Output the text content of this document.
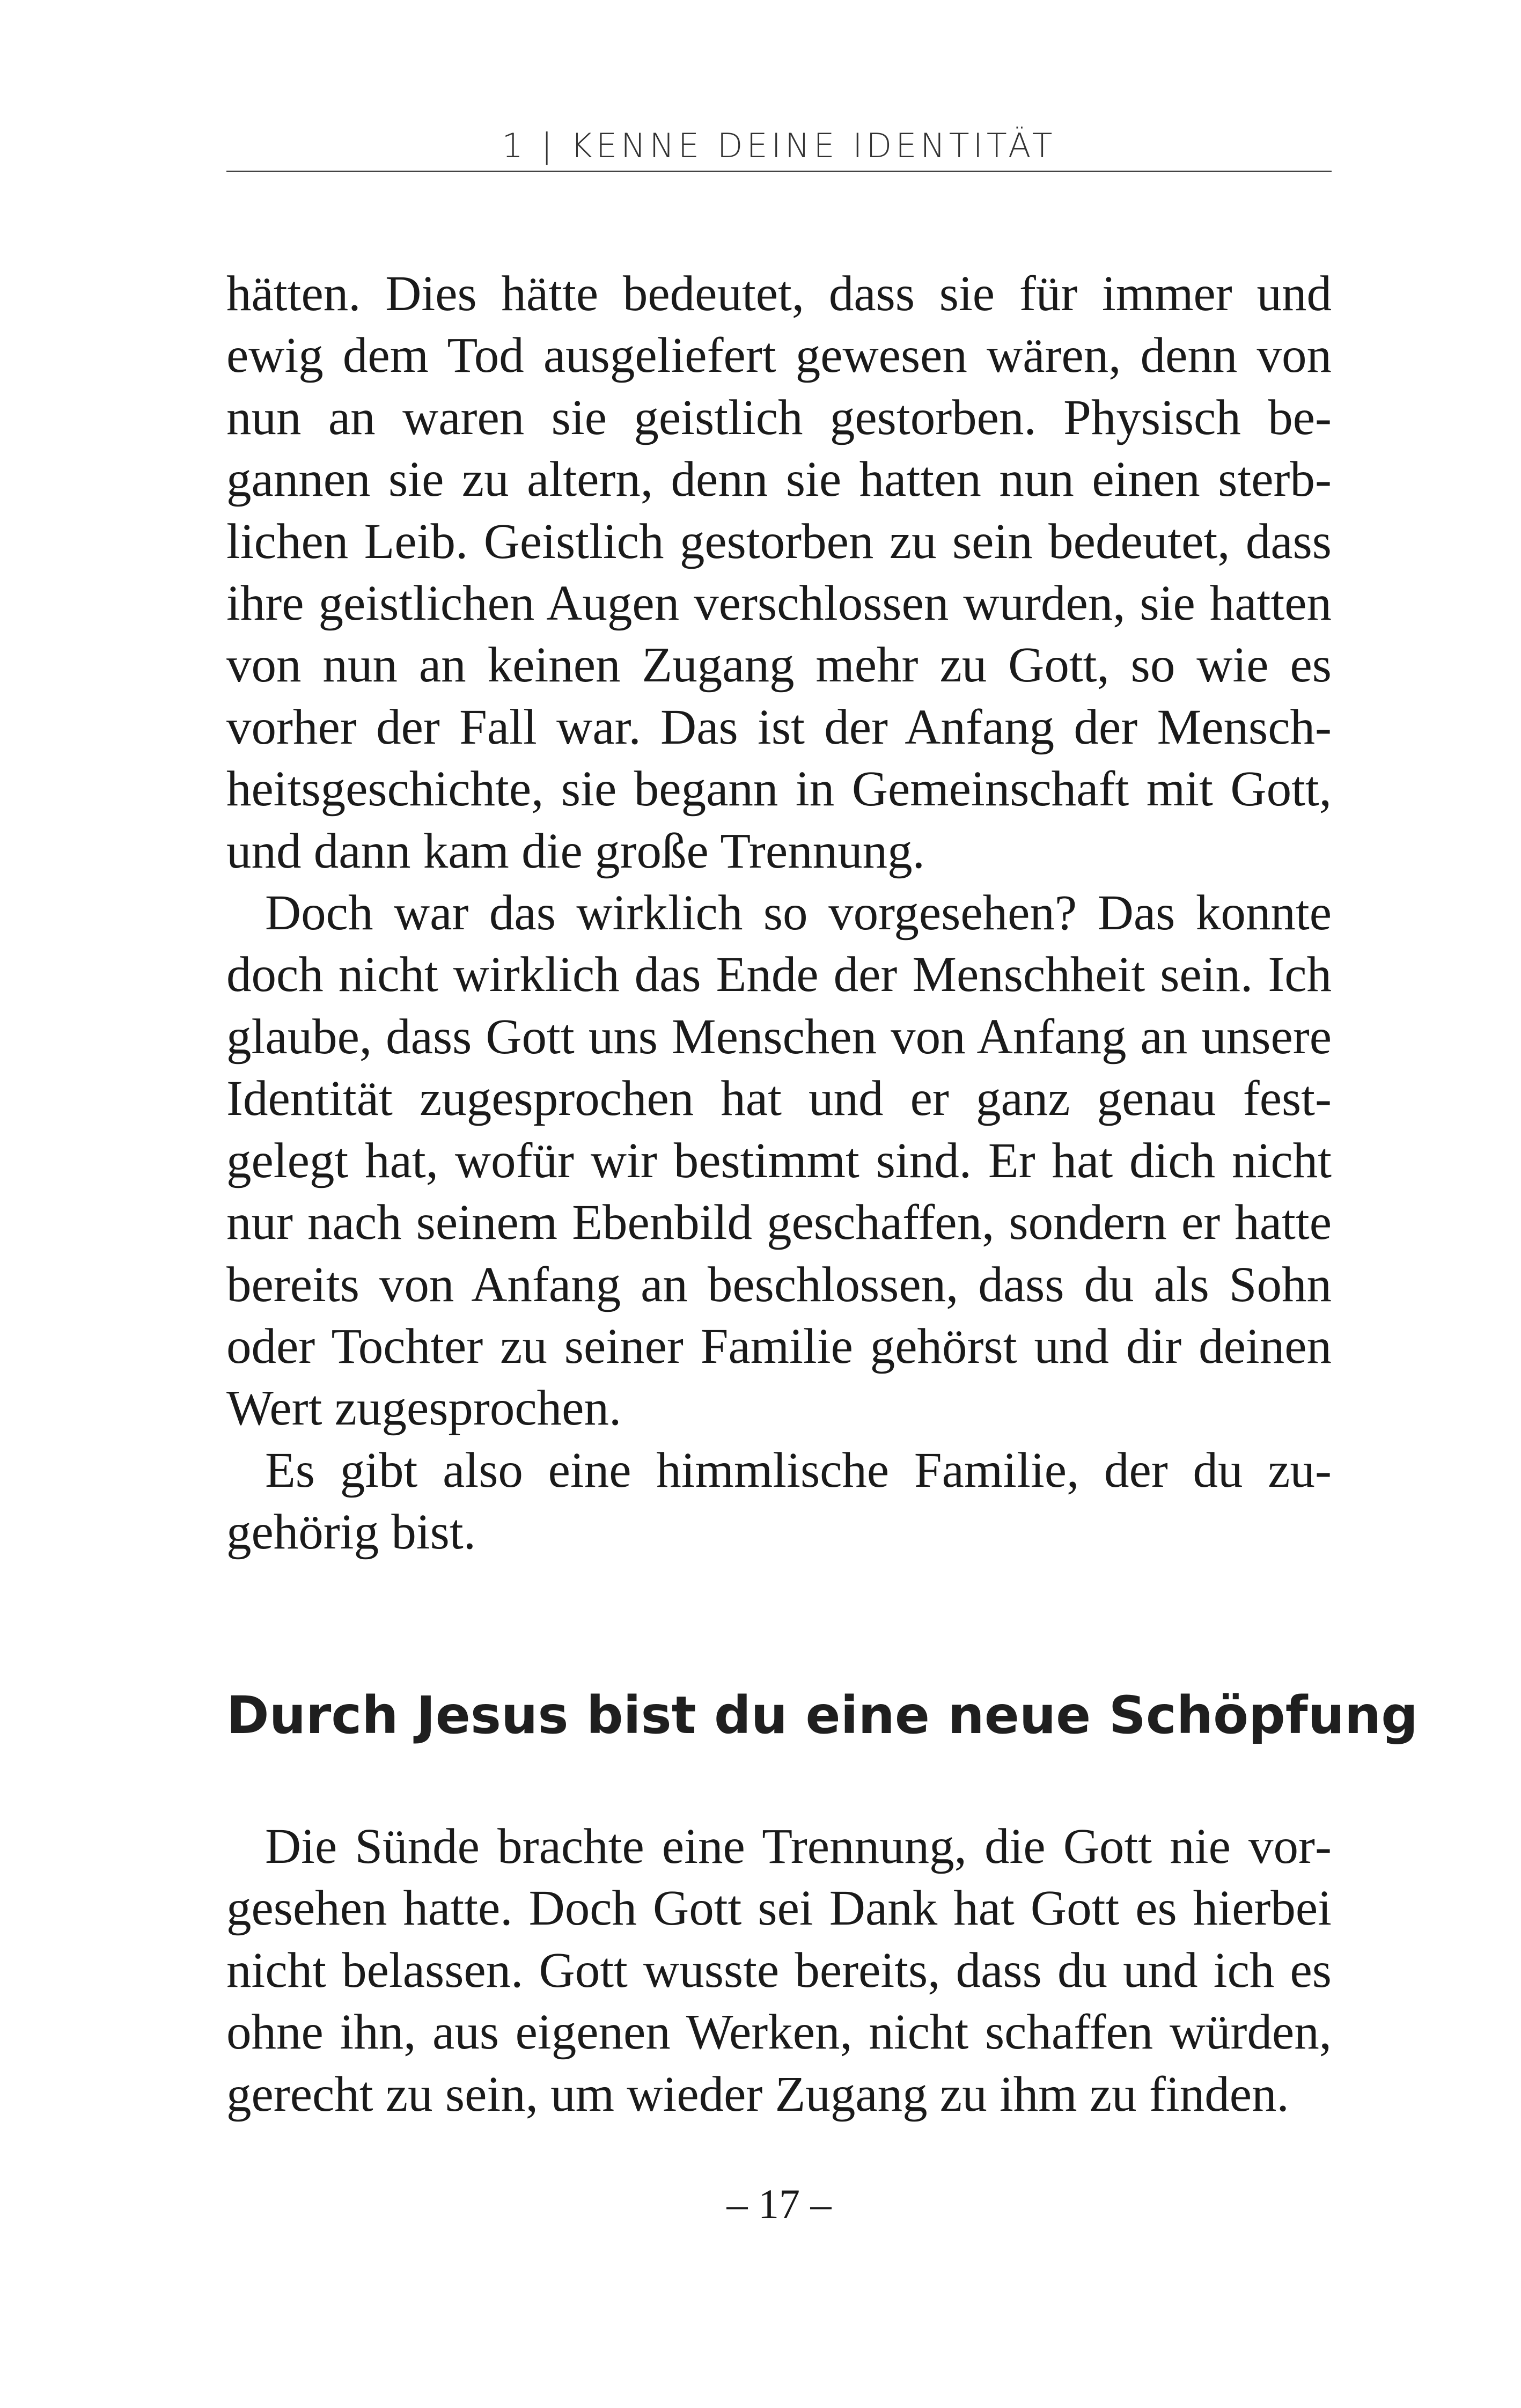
1 | KENNE DEINE IDENTITÄT

hätten. Dies hätte bedeutet, dass sie für immer und ewig dem Tod ausgeliefert gewesen wären, denn von nun an waren sie geistlich gestorben. Physisch begannen sie zu altern, denn sie hatten nun einen sterblichen Leib. Geistlich gestorben zu sein bedeutet, dass ihre geistlichen Augen verschlossen wurden, sie hatten von nun an keinen Zugang mehr zu Gott, so wie es vorher der Fall war. Das ist der Anfang der Menschheitsgeschichte, sie begann in Gemeinschaft mit Gott, und dann kam die große Trennung.

Doch war das wirklich so vorgesehen? Das konnte doch nicht wirklich das Ende der Menschheit sein. Ich glaube, dass Gott uns Menschen von Anfang an unsere Identität zugesprochen hat und er ganz genau festgelegt hat, wofür wir bestimmt sind. Er hat dich nicht nur nach seinem Ebenbild geschaffen, sondern er hatte bereits von Anfang an beschlossen, dass du als Sohn oder Tochter zu seiner Familie gehörst und dir deinen Wert zugesprochen.

Es gibt also eine himmlische Familie, der du zugehörig bist.

Durch Jesus bist du eine neue Schöpfung

Die Sünde brachte eine Trennung, die Gott nie vorgesehen hatte. Doch Gott sei Dank hat Gott es hierbei nicht belassen. Gott wusste bereits, dass du und ich es ohne ihn, aus eigenen Werken, nicht schaffen würden, gerecht zu sein, um wieder Zugang zu ihm zu finden.

– 17 –
